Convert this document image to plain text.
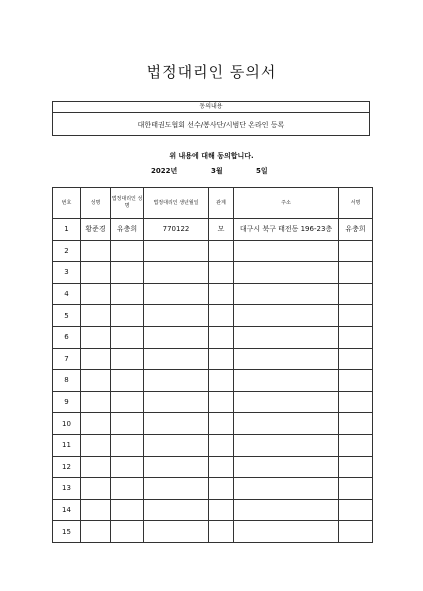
법정대리인 동의서
동의내용
대한태권도협회 선수/봉사단/시범단 온라인 등록
위 내용에 대해 동의합니다.
2022년	3월	5일
번호	성명	법정대리인 성명	법정대리인 생년월일	관계	주소	서명
1	황준경	유충희	770122	모	대구시 북구 태전동 196-23층	유충희
2						
3						
4						
5						
6						
7						
8						
9						
10						
11						
12						
13						
14						
15						
